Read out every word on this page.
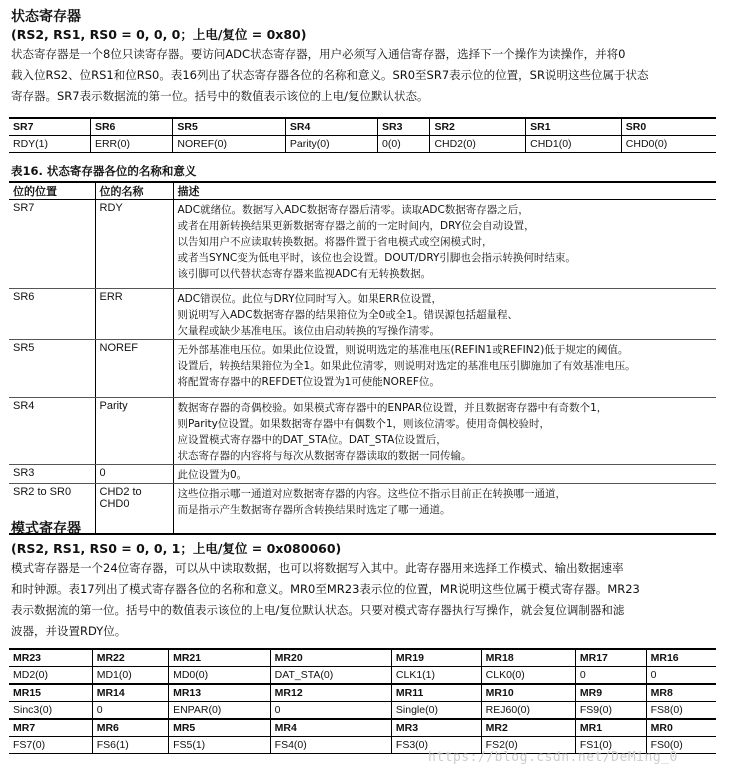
状态寄存器
(RS2, RS1, RS0 = 0, 0, 0；上电/复位 = 0x80)
状态寄存器是一个8位只读寄存器。要访问ADC状态寄存器，用户必须写入通信寄存器，选择下一个操作为读操作，并将0
载入位RS2、位RS1和位RS0。表16列出了状态寄存器各位的名称和意义。SR0至SR7表示位的位置，SR说明这些位属于状态
寄存器。SR7表示数据流的第一位。括号中的数值表示该位的上电/复位默认状态。
SR7	SR6	SR5	SR4	SR3	SR2	SR1	SR0
RDY(1)	ERR(0)	NOREF(0)	Parity(0)	0(0)	CHD2(0)	CHD1(0)	CHD0(0)
表16. 状态寄存器各位的名称和意义
位的位置	位的名称	描述
SR7	RDY	ADC就绪位。数据写入ADC数据寄存器后清零。读取ADC数据寄存器之后，
或者在用新转换结果更新数据寄存器之前的一定时间内，DRY位会自动设置，
以告知用户不应读取转换数据。将器件置于省电模式或空闲模式时，
或者当SYNC变为低电平时，该位也会设置。DOUT/DRY引脚也会指示转换何时结束。
该引脚可以代替状态寄存器来监视ADC有无转换数据。

SR6	ERR	ADC错误位。此位与DRY位同时写入。如果ERR位设置，
则说明写入ADC数据寄存器的结果箝位为全0或全1。错误源包括超量程、
欠量程或缺少基准电压。该位由启动转换的写操作清零。

SR5	NOREF	无外部基准电压位。如果此位设置，则说明选定的基准电压(REFIN1或REFIN2)低于规定的阈值。
设置后，转换结果箝位为全1。如果此位清零，则说明对选定的基准电压引脚施加了有效基准电压。
将配置寄存器中的REFDET位设置为1可使能NOREF位。

SR4	Parity	数据寄存器的奇偶校验。如果模式寄存器中的ENPAR位设置，并且数据寄存器中有奇数个1，
则Parity位设置。如果数据寄存器中有偶数个1，则该位清零。使用奇偶校验时，
应设置模式寄存器中的DAT_STA位。DAT_STA位设置后，
状态寄存器的内容将与每次从数据寄存器读取的数据一同传输。

SR3	0	此位设置为0。

SR2 to SR0	CHD2 to CHD0	这些位指示哪一通道对应数据寄存器的内容。这些位不指示目前正在转换哪一通道，
而是指示产生数据寄存器所含转换结果时选定了哪一通道。
模式寄存器
(RS2, RS1, RS0 = 0, 0, 1；上电/复位 = 0x080060)
模式寄存器是一个24位寄存器，可以从中读取数据，也可以将数据写入其中。此寄存器用来选择工作模式、输出数据速率
和时钟源。表17列出了模式寄存器各位的名称和意义。MR0至MR23表示位的位置，MR说明这些位属于模式寄存器。MR23
表示数据流的第一位。括号中的数值表示该位的上电/复位默认状态。只要对模式寄存器执行写操作，就会复位调制器和滤
波器，并设置RDY位。
MR23	MR22	MR21	MR20	MR19	MR18	MR17	MR16
MD2(0)	MD1(0)	MD0(0)	DAT_STA(0)	CLK1(1)	CLK0(0)	0	0
MR15	MR14	MR13	MR12	MR11	MR10	MR9	MR8
Sinc3(0)	0	ENPAR(0)	0	Single(0)	REJ60(0)	FS9(0)	FS8(0)
MR7	MR6	MR5	MR4	MR3	MR2	MR1	MR0
FS7(0)	FS6(1)	FS5(1)	FS4(0)	FS3(0)	FS2(0)	FS1(0)	FS0(0)
https://blog.csdn.net/DeMing_0
